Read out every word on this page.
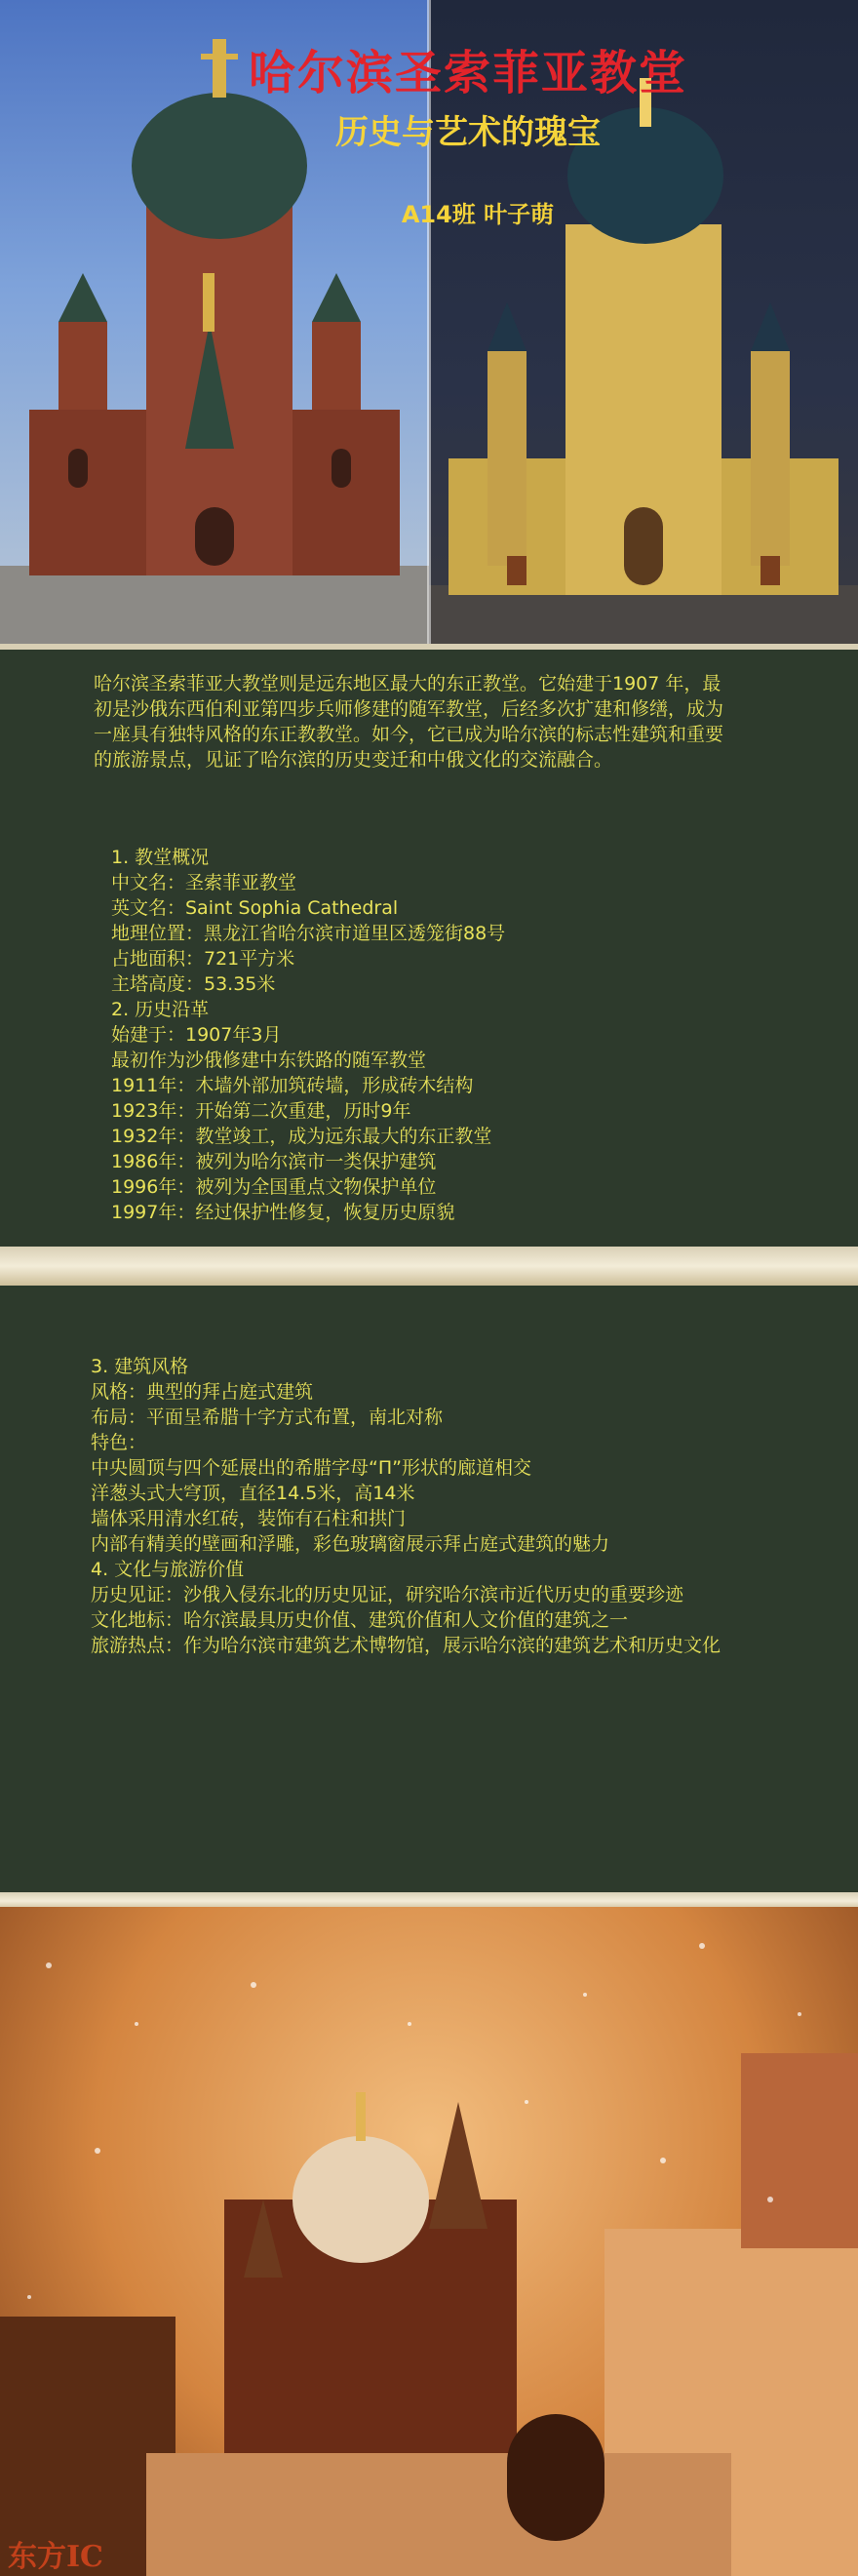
哈尔滨圣索菲亚教堂
历史与艺术的瑰宝
A14班 叶子萌
哈尔滨圣索菲亚大教堂则是远东地区最大的东正教堂。它始建于1907 年，最初是沙俄东西伯利亚第四步兵师修建的随军教堂，后经多次扩建和修缮，成为一座具有独特风格的东正教教堂。如今，它已成为哈尔滨的标志性建筑和重要的旅游景点，见证了哈尔滨的历史变迁和中俄文化的交流融合。
1. 教堂概况
中文名：圣索菲亚教堂
英文名：Saint Sophia Cathedral
地理位置：黑龙江省哈尔滨市道里区透笼街88号
占地面积：721平方米
主塔高度：53.35米
2. 历史沿革
始建于：1907年3月
最初作为沙俄修建中东铁路的随军教堂
1911年：木墙外部加筑砖墙，形成砖木结构
1923年：开始第二次重建，历时9年
1932年：教堂竣工，成为远东最大的东正教堂
1986年：被列为哈尔滨市一类保护建筑
1996年：被列为全国重点文物保护单位
1997年：经过保护性修复，恢复历史原貌
3. 建筑风格
风格：典型的拜占庭式建筑
布局：平面呈希腊十字方式布置，南北对称
特色：
中央圆顶与四个延展出的希腊字母“П”形状的廊道相交
洋葱头式大穹顶，直径14.5米，高14米
墙体采用清水红砖，装饰有石柱和拱门
内部有精美的壁画和浮雕，彩色玻璃窗展示拜占庭式建筑的魅力
4. 文化与旅游价值
历史见证：沙俄入侵东北的历史见证，研究哈尔滨市近代历史的重要珍迹
文化地标：哈尔滨最具历史价值、建筑价值和人文价值的建筑之一
旅游热点：作为哈尔滨市建筑艺术博物馆，展示哈尔滨的建筑艺术和历史文化
东方IC
